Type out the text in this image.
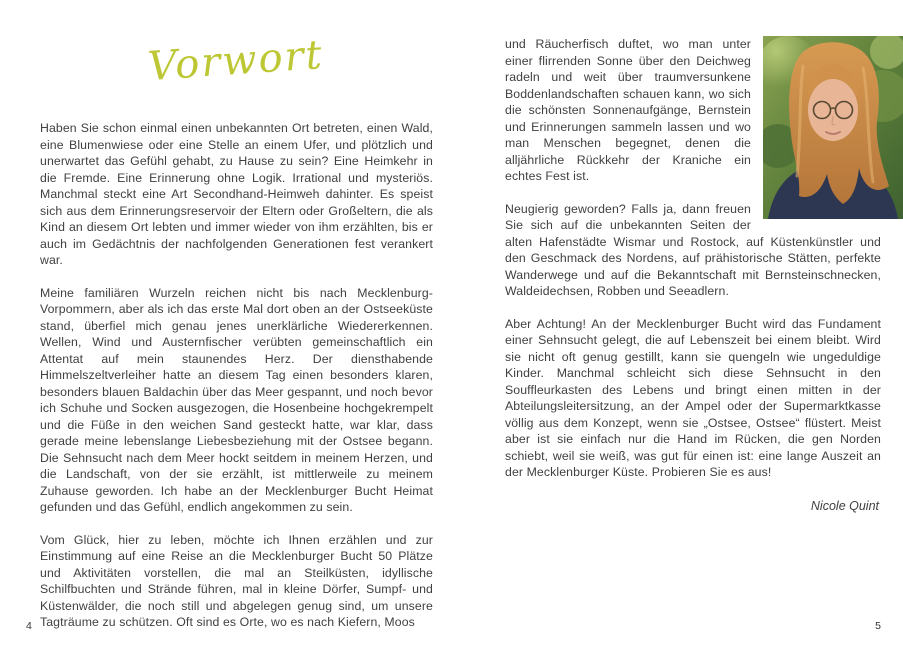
Vorwort

Haben Sie schon einmal einen unbekannten Ort betreten, einen Wald, eine Blumenwiese oder eine Stelle an einem Ufer, und plötzlich und unerwartet das Gefühl gehabt, zu Hause zu sein? Eine Heimkehr in die Fremde. Eine Erinnerung ohne Logik. Irrational und mysteriös. Manchmal steckt eine Art Secondhand-Heimweh dahinter. Es speist sich aus dem Erinnerungsreservoir der Eltern oder Großeltern, die als Kind an diesem Ort lebten und immer wieder von ihm erzählten, bis er auch im Gedächtnis der nachfolgenden Generationen fest verankert war.

Meine familiären Wurzeln reichen nicht bis nach Mecklenburg-Vorpommern, aber als ich das erste Mal dort oben an der Ostseeküste stand, überfiel mich genau jenes unerklärliche Wiedererkennen. Wellen, Wind und Austernfischer verübten gemeinschaftlich ein Attentat auf mein staunendes Herz. Der diensthabende Himmelszeltverleiher hatte an diesem Tag einen besonders klaren, besonders blauen Baldachin über das Meer gespannt, und noch bevor ich Schuhe und Socken ausgezogen, die Hosenbeine hochgekrempelt und die Füße in den weichen Sand gesteckt hatte, war klar, dass gerade meine lebenslange Liebesbeziehung mit der Ostsee begann. Die Sehnsucht nach dem Meer hockt seitdem in meinem Herzen, und die Landschaft, von der sie erzählt, ist mittlerweile zu meinem Zuhause geworden. Ich habe an der Mecklenburger Bucht Heimat gefunden und das Gefühl, endlich angekommen zu sein.

Vom Glück, hier zu leben, möchte ich Ihnen erzählen und zur Einstimmung auf eine Reise an die Mecklenburger Bucht 50 Plätze und Aktivitäten vorstellen, die mal an Steilküsten, idyllische Schilfbuchten und Strände führen, mal in kleine Dörfer, Sumpf- und Küstenwälder, die noch still und abgelegen genug sind, um unsere Tagträume zu schützen. Oft sind es Orte, wo es nach Kiefern, Moos

und Räucherfisch duftet, wo man unter einer flirrenden Sonne über den Deichweg radeln und weit über traumversunkene Boddenlandschaften schauen kann, wo sich die schönsten Sonnenaufgänge, Bernstein und Erinnerungen sammeln lassen und wo man Menschen begegnet, denen die alljährliche Rückkehr der Kraniche ein echtes Fest ist.

Neugierig geworden? Falls ja, dann freuen Sie sich auf die unbekannten Seiten der alten Hafenstädte Wismar und Rostock, auf Küstenkünstler und den Geschmack des Nordens, auf prähistorische Stätten, perfekte Wanderwege und auf die Bekanntschaft mit Bernsteinschnecken, Waldeidechsen, Robben und Seeadlern.

Aber Achtung! An der Mecklenburger Bucht wird das Fundament einer Sehnsucht gelegt, die auf Lebenszeit bei einem bleibt. Wird sie nicht oft genug gestillt, kann sie quengeln wie ungeduldige Kinder. Manchmal schleicht sich diese Sehnsucht in den Souffleurkasten des Lebens und bringt einen mitten in der Abteilungsleitersitzung, an der Ampel oder der Supermarktkasse völlig aus dem Konzept, wenn sie „Ostsee, Ostsee“ flüstert. Meist aber ist sie einfach nur die Hand im Rücken, die gen Norden schiebt, weil sie weiß, was gut für einen ist: eine lange Auszeit an der Mecklenburger Küste. Probieren Sie es aus!

Nicole Quint
4	5
